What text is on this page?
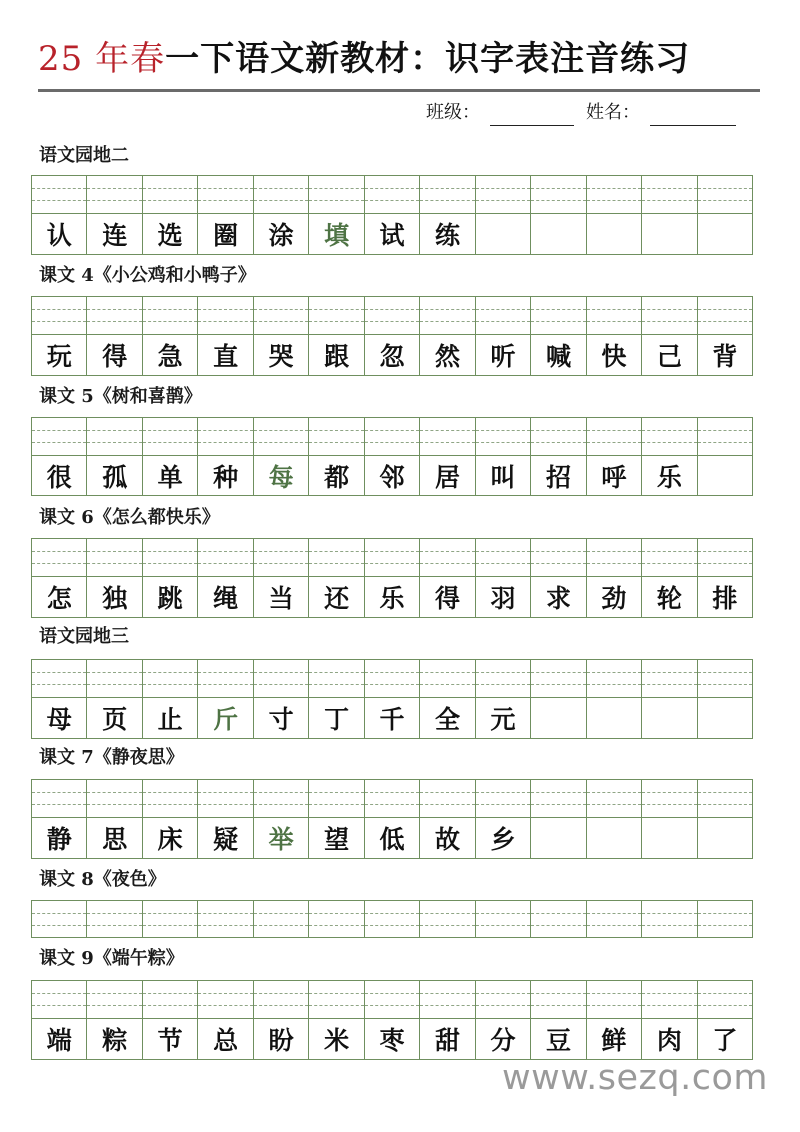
25 年春一下语文新教材：识字表注音练习
班级：	姓名：
语文园地二
认	连	选	圈	涂	填	试	练
课文 4《小公鸡和小鸭子》
玩	得	急	直	哭	跟	忽	然	听	喊	快	己	背
课文 5《树和喜鹊》
很	孤	单	种	每	都	邻	居	叫	招	呼	乐
课文 6《怎么都快乐》
怎	独	跳	绳	当	还	乐	得	羽	求	劲	轮	排
语文园地三
母	页	止	斤	寸	丁	千	全	元
课文 7《静夜思》
静	思	床	疑	举	望	低	故	乡
课文 8《夜色》
课文 9《端午粽》
端	粽	节	总	盼	米	枣	甜	分	豆	鲜	肉	了
www.sezq.com
